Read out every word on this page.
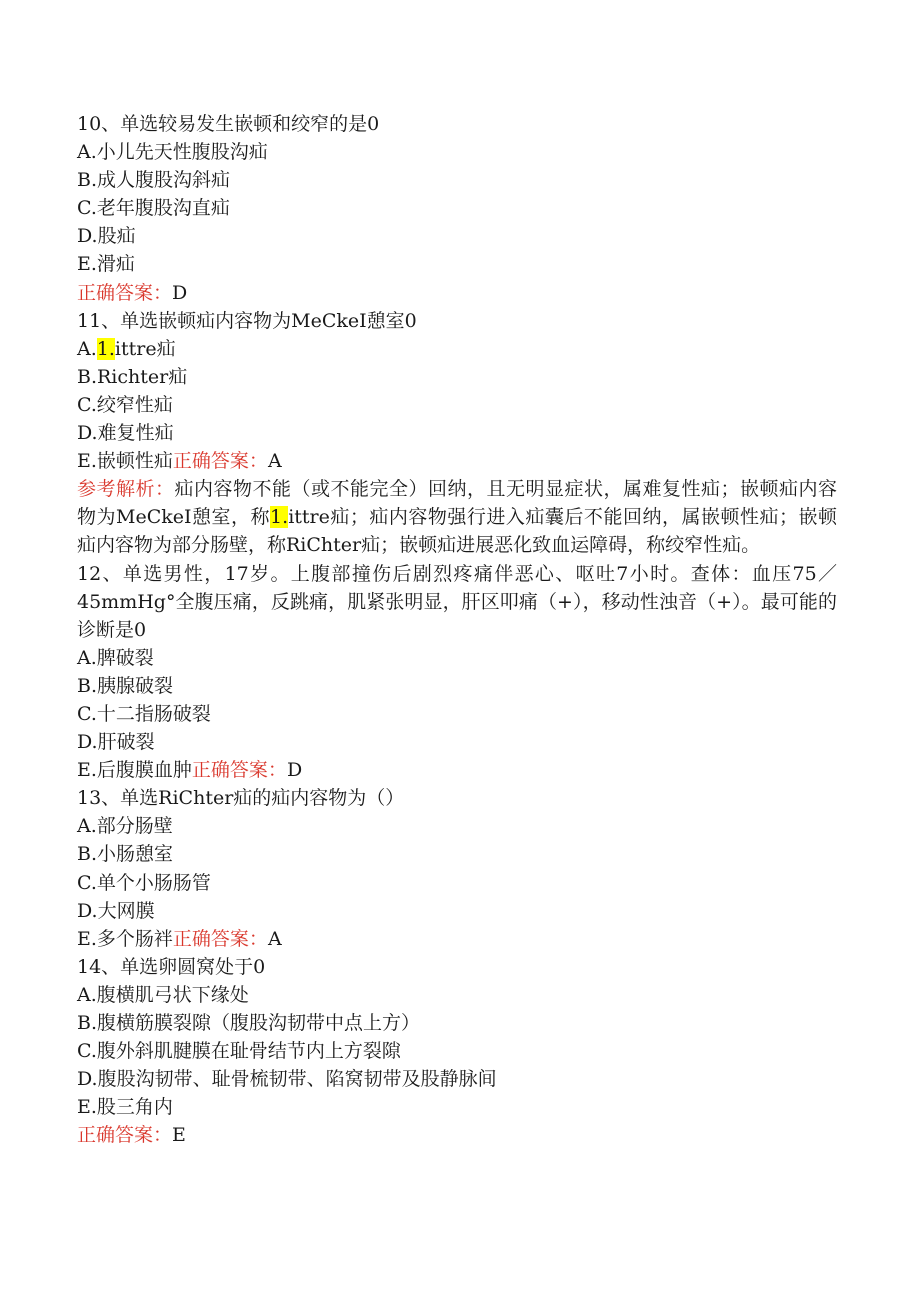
10、单选较易发生嵌顿和绞窄的是0
A.小儿先天性腹股沟疝
B.成人腹股沟斜疝
C.老年腹股沟直疝
D.股疝
E.滑疝
正确答案：D
11、单选嵌顿疝内容物为MeCkeI憩室0
A.1.ittre疝
B.Richter疝
C.绞窄性疝
D.难复性疝
E.嵌顿性疝正确答案：A
参考解析：疝内容物不能（或不能完全）回纳，且无明显症状，属难复性疝；嵌顿疝内容物为MeCkeI憩室，称1.ittre疝；疝内容物强行进入疝囊后不能回纳，属嵌顿性疝；嵌顿疝内容物为部分肠壁，称RiChter疝；嵌顿疝进展恶化致血运障碍，称绞窄性疝。
12、单选男性，17岁。上腹部撞伤后剧烈疼痛伴恶心、呕吐7小时。查体：血压75／45mmHg°全腹压痛，反跳痛，肌紧张明显，肝区叩痛（+），移动性浊音（+）。最可能的诊断是0
A.脾破裂
B.胰腺破裂
C.十二指肠破裂
D.肝破裂
E.后腹膜血肿正确答案：D
13、单选RiChter疝的疝内容物为（）
A.部分肠壁
B.小肠憩室
C.单个小肠肠管
D.大网膜
E.多个肠袢正确答案：A
14、单选卵圆窝处于0
A.腹横肌弓状下缘处
B.腹横筋膜裂隙（腹股沟韧带中点上方）
C.腹外斜肌腱膜在耻骨结节内上方裂隙
D.腹股沟韧带、耻骨梳韧带、陷窝韧带及股静脉间
E.股三角内
正确答案：E
